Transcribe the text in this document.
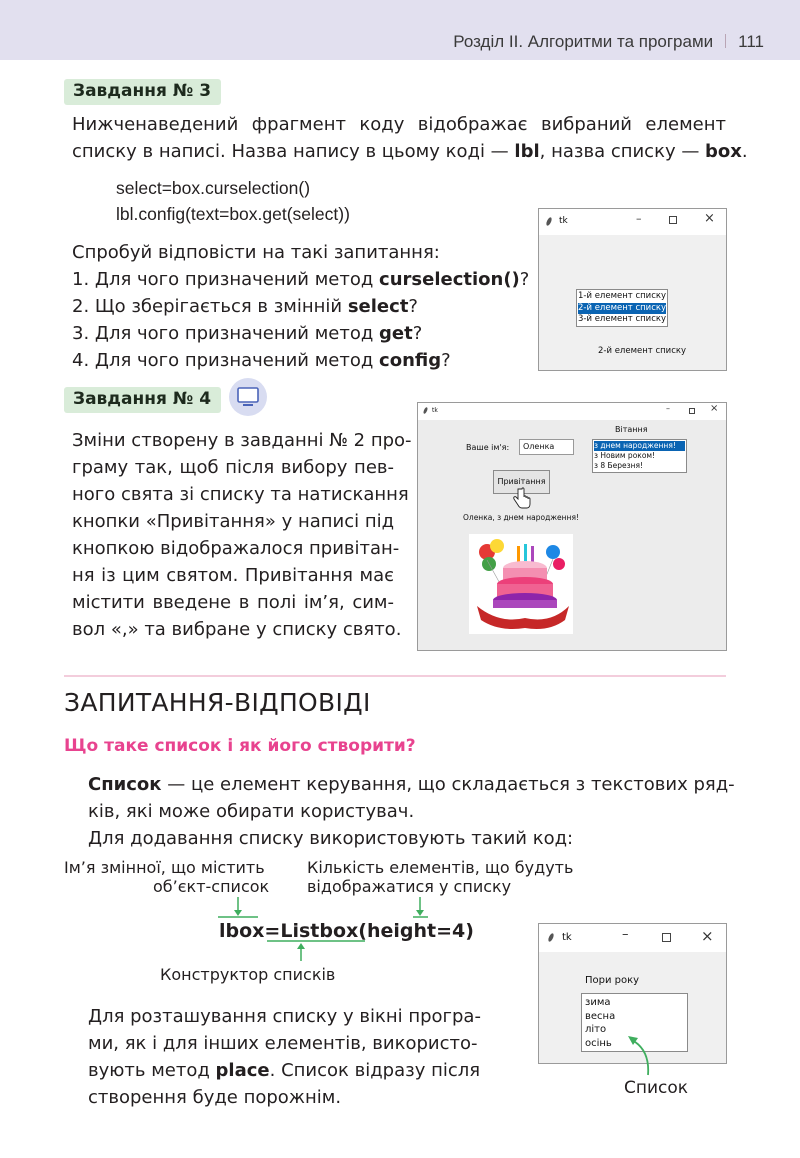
Розділ ІІ. Алгоритми та програми 111
Завдання № 3
Нижченаведений фрагмент коду відображає вибраний елемент
списку в написі. Назва напису в цьому коді — lbl, назва списку — box.
select=box.curselection()
lbl.config(text=box.get(select))
Спробуй відповісти на такі запитання:
1. Для чого призначений метод curselection()?
2. Що зберігається в змінній select?
3. Для чого призначений метод get?
4. Для чого призначений метод config?
tk	–	×
1-й елемент списку
2-й елемент списку
3-й елемент списку
2-й елемент списку
Завдання № 4
Зміни створену в завданні № 2 про-
граму так, щоб після вибору пев-
ного свята зі списку та натискання
кнопки «Привітання» у написі під
кнопкою відображалося привітан-
ня із цим святом. Привітання має
містити введене в полі ім’я, сим-
вол «,» та вибране у списку свято.
tk	–	×
Вітання
Ваше ім'я:	Оленка	з днем народження!
з Новим роком!
з 8 Березня!
Привітання
Оленка, з днем народження!
ЗАПИТАННЯ-ВІДПОВІДІ
Що таке список і як його створити?
Список — це елемент керування, що складається з текстових ряд-
ків, які може обирати користувач.
Для додавання списку використовують такий код:
Ім’я змінної, що містить
об’єкт-список
Кількість елементів, що будуть
відображатися у списку
lbox=Listbox(height=4)
Конструктор списків
Для розташування списку у вікні програ-
ми, як і для інших елементів, використо-
вують метод place. Список відразу після
створення буде порожнім.
tk	–	×
Пори року
зима
весна
літо
осінь
Список
